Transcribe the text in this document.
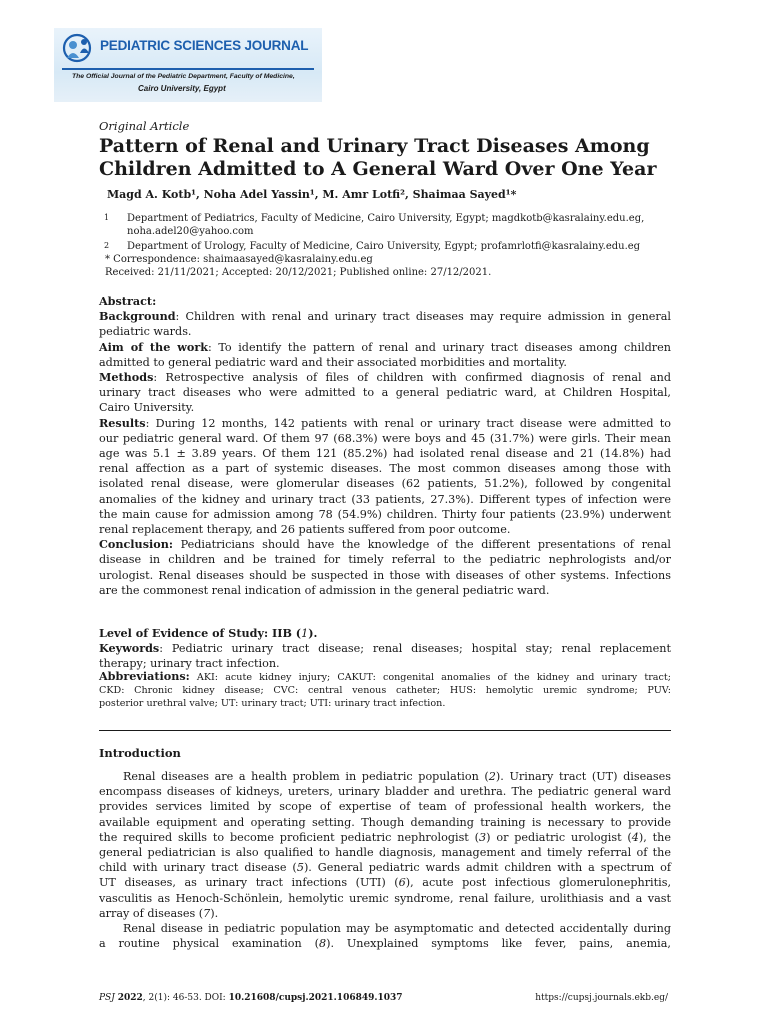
PEDIATRIC SCIENCES JOURNAL
The Official Journal of the Pediatric Department, Faculty of Medicine,
Cairo University, Egypt
Original Article
Pattern of Renal and Urinary Tract Diseases Among
Children Admitted to A General Ward Over One Year
Magd A. Kotb¹, Noha Adel Yassin¹, M. Amr Lotfi², Shaimaa Sayed¹*
1 Department of Pediatrics, Faculty of Medicine, Cairo University, Egypt; magdkotb@kasralainy.edu.eg,
noha.adel20@yahoo.com
2 Department of Urology, Faculty of Medicine, Cairo University, Egypt; profamrlotfi@kasralainy.edu.eg
* Correspondence: shaimaasayed@kasralainy.edu.eg
Received: 21/11/2021; Accepted: 20/12/2021; Published online: 27/12/2021.
Abstract:
Background: Children with renal and urinary tract diseases may require admission in general
pediatric wards.
Aim of the work: To identify the pattern of renal and urinary tract diseases among children
admitted to general pediatric ward and their associated morbidities and mortality.
Methods: Retrospective analysis of files of children with confirmed diagnosis of renal and
urinary tract diseases who were admitted to a general pediatric ward, at Children Hospital,
Cairo University.
Results: During 12 months, 142 patients with renal or urinary tract disease were admitted to
our pediatric general ward. Of them 97 (68.3%) were boys and 45 (31.7%) were girls. Their mean
age was 5.1 ± 3.89 years. Of them 121 (85.2%) had isolated renal disease and 21 (14.8%) had
renal affection as a part of systemic diseases. The most common diseases among those with
isolated renal disease, were glomerular diseases (62 patients, 51.2%), followed by congenital
anomalies of the kidney and urinary tract (33 patients, 27.3%). Different types of infection were
the main cause for admission among 78 (54.9%) children. Thirty four patients (23.9%) underwent
renal replacement therapy, and 26 patients suffered from poor outcome.
Conclusion: Pediatricians should have the knowledge of the different presentations of renal
disease in children and be trained for timely referral to the pediatric nephrologists and/or
urologist. Renal diseases should be suspected in those with diseases of other systems. Infections
are the commonest renal indication of admission in the general pediatric ward.
Level of Evidence of Study: IIB (1).
Keywords: Pediatric urinary tract disease; renal diseases; hospital stay; renal replacement
therapy; urinary tract infection.
Abbreviations: AKI: acute kidney injury; CAKUT: congenital anomalies of the kidney and urinary tract;
CKD: Chronic kidney disease; CVC: central venous catheter; HUS: hemolytic uremic syndrome; PUV:
posterior urethral valve; UT: urinary tract; UTI: urinary tract infection.
Introduction
Renal diseases are a health problem in pediatric population (2). Urinary tract (UT) diseases
encompass diseases of kidneys, ureters, urinary bladder and urethra. The pediatric general ward
provides services limited by scope of expertise of team of professional health workers, the
available equipment and operating setting. Though demanding training is necessary to provide
the required skills to become proficient pediatric nephrologist (3) or pediatric urologist (4), the
general pediatrician is also qualified to handle diagnosis, management and timely referral of the
child with urinary tract disease (5). General pediatric wards admit children with a spectrum of
UT diseases, as urinary tract infections (UTI) (6), acute post infectious glomerulonephritis,
vasculitis as Henoch-Schönlein, hemolytic uremic syndrome, renal failure, urolithiasis and a vast
array of diseases (7).
Renal disease in pediatric population may be asymptomatic and detected accidentally during
a routine physical examination (8). Unexplained symptoms like fever, pains, anemia,
PSJ 2022, 2(1): 46-53. DOI: 10.21608/cupsj.2021.106849.1037	https://cupsj.journals.ekb.eg/
